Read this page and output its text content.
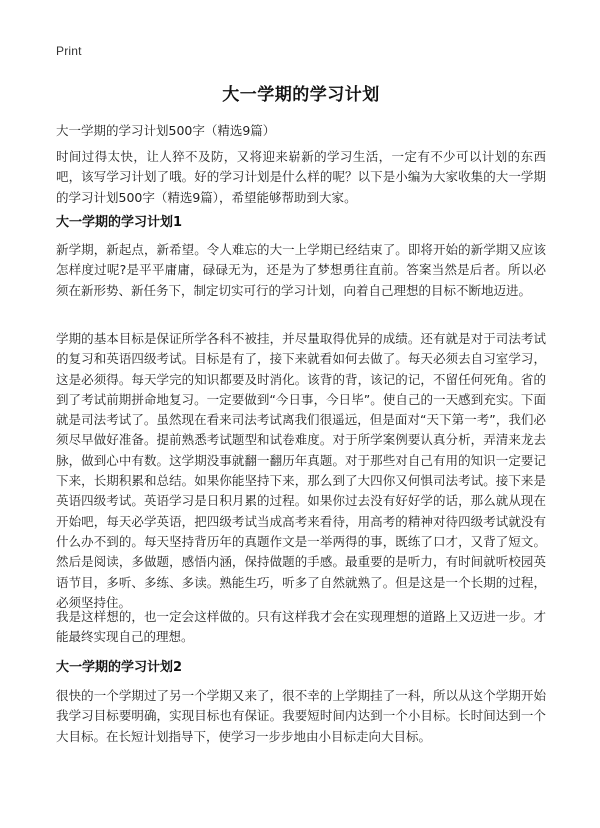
Print
大一学期的学习计划
大一学期的学习计划500字（精选9篇）

时间过得太快，让人猝不及防，又将迎来崭新的学习生活，一定有不少可以计划的东西吧，该写学习计划了哦。好的学习计划是什么样的呢？以下是小编为大家收集的大一学期的学习计划500字（精选9篇），希望能够帮助到大家。

大一学期的学习计划1

新学期，新起点，新希望。令人难忘的大一上学期已经结束了。即将开始的新学期又应该怎样度过呢?是平平庸庸，碌碌无为，还是为了梦想勇往直前。答案当然是后者。所以必须在新形势、新任务下，制定切实可行的学习计划，向着自己理想的目标不断地迈进。

学期的基本目标是保证所学各科不被挂，并尽量取得优异的成绩。还有就是对于司法考试的复习和英语四级考试。目标是有了，接下来就看如何去做了。每天必须去自习室学习，这是必须得。每天学完的知识都要及时消化。该背的背，该记的记，不留任何死角。省的到了考试前期拼命地复习。一定要做到“今日事，今日毕”。使自己的一天感到充实。下面就是司法考试了。虽然现在看来司法考试离我们很遥远，但是面对“天下第一考”，我们必须尽早做好准备。提前熟悉考试题型和试卷难度。对于所学案例要认真分析，弄清来龙去脉，做到心中有数。这学期没事就翻一翻历年真题。对于那些对自己有用的知识一定要记下来，长期积累和总结。如果你能坚持下来，那么到了大四你又何惧司法考试。接下来是英语四级考试。英语学习是日积月累的过程。如果你过去没有好好学的话，那么就从现在开始吧，每天必学英语，把四级考试当成高考来看待，用高考的精神对待四级考试就没有什么办不到的。每天坚持背历年的真题作文是一举两得的事，既练了口才，又背了短文。然后是阅读，多做题，感悟内涵，保持做题的手感。最重要的是听力，有时间就听校园英语节目，多听、多练、多读。熟能生巧，听多了自然就熟了。但是这是一个长期的过程，必须坚持住。

我是这样想的，也一定会这样做的。只有这样我才会在实现理想的道路上又迈进一步。才能最终实现自己的理想。

大一学期的学习计划2

很快的一个学期过了另一个学期又来了，很不幸的上学期挂了一科，所以从这个学期开始我学习目标要明确，实现目标也有保证。我要短时间内达到一个小目标。长时间达到一个大目标。在长短计划指导下，使学习一步步地由小目标走向大目标。
